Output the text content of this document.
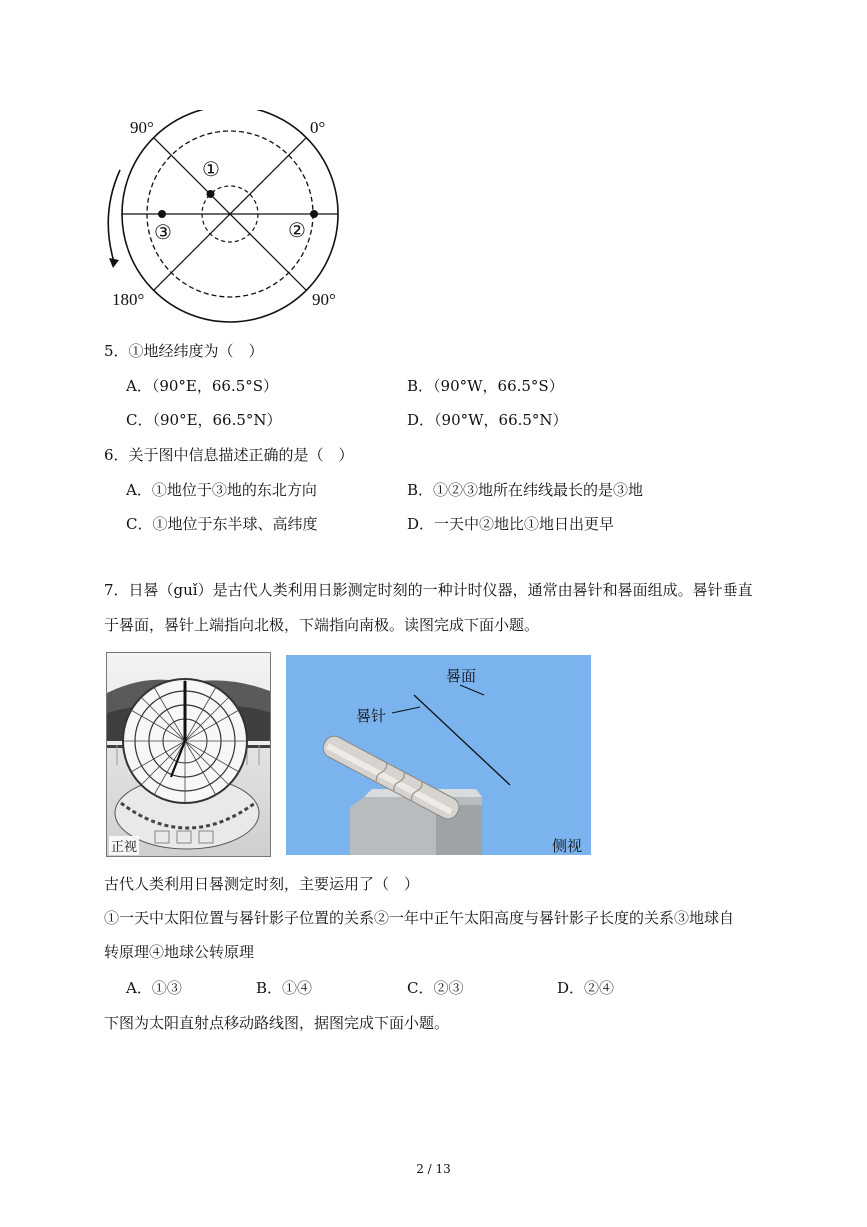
90°	0°
180°	90°
①
②
③
5．①地经纬度为（　）
A．（90°E，66.5°S）	B．（90°W，66.5°S）
C．（90°E，66.5°N）	D．（90°W，66.5°N）
6．关于图中信息描述正确的是（　）
A．①地位于③地的东北方向	B．①②③地所在纬线最长的是③地
C．①地位于东半球、高纬度	D．一天中②地比①地日出更早
7．日晷（guǐ）是古代人类利用日影测定时刻的一种计时仪器，通常由晷针和晷面组成。晷针垂直
于晷面，晷针上端指向北极，下端指向南极。读图完成下面小题。
正视
晷面
晷针
侧视
古代人类利用日晷测定时刻，主要运用了（　）
①一天中太阳位置与晷针影子位置的关系②一年中正午太阳高度与晷针影子长度的关系③地球自
转原理④地球公转原理
A．①③	B．①④	C．②③	D．②④
下图为太阳直射点移动路线图，据图完成下面小题。
2 / 13
